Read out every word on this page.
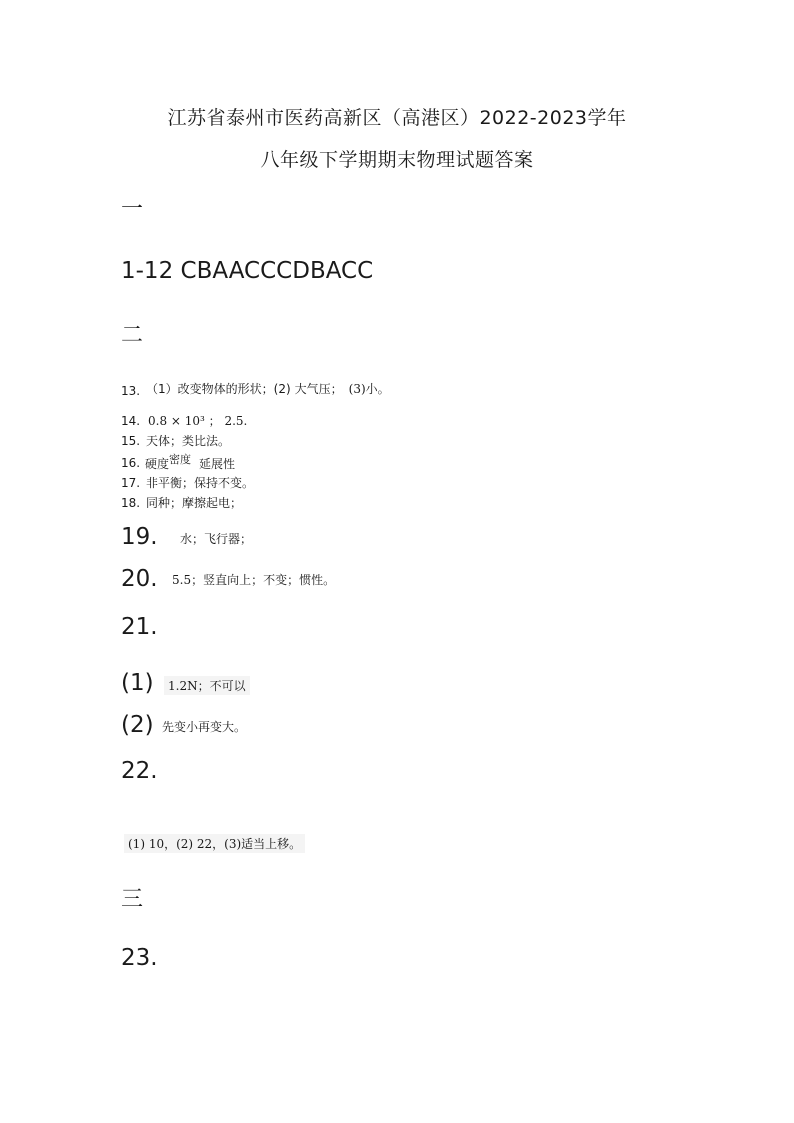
江苏省泰州市医药高新区（高港区）2022-2023学年
八年级下学期期末物理试题答案
一
1-12 CBAACCCDBACC
二
13. （1）改变物体的形状；(2) 大气压； (3)小。
14. 0.8 × 10³ ； 2.5.
15. 天体；类比法。
16. 硬度密度 延展性
17. 非平衡；保持不变。
18. 同种；摩擦起电；
19. 水；飞行器；
20. 5.5；竖直向上；不变；惯性。
21.
(1)	1.2N；不可以
(2) 先变小再变大。
22.
(1) 10，(2) 22，(3)适当上移。
三
23.
